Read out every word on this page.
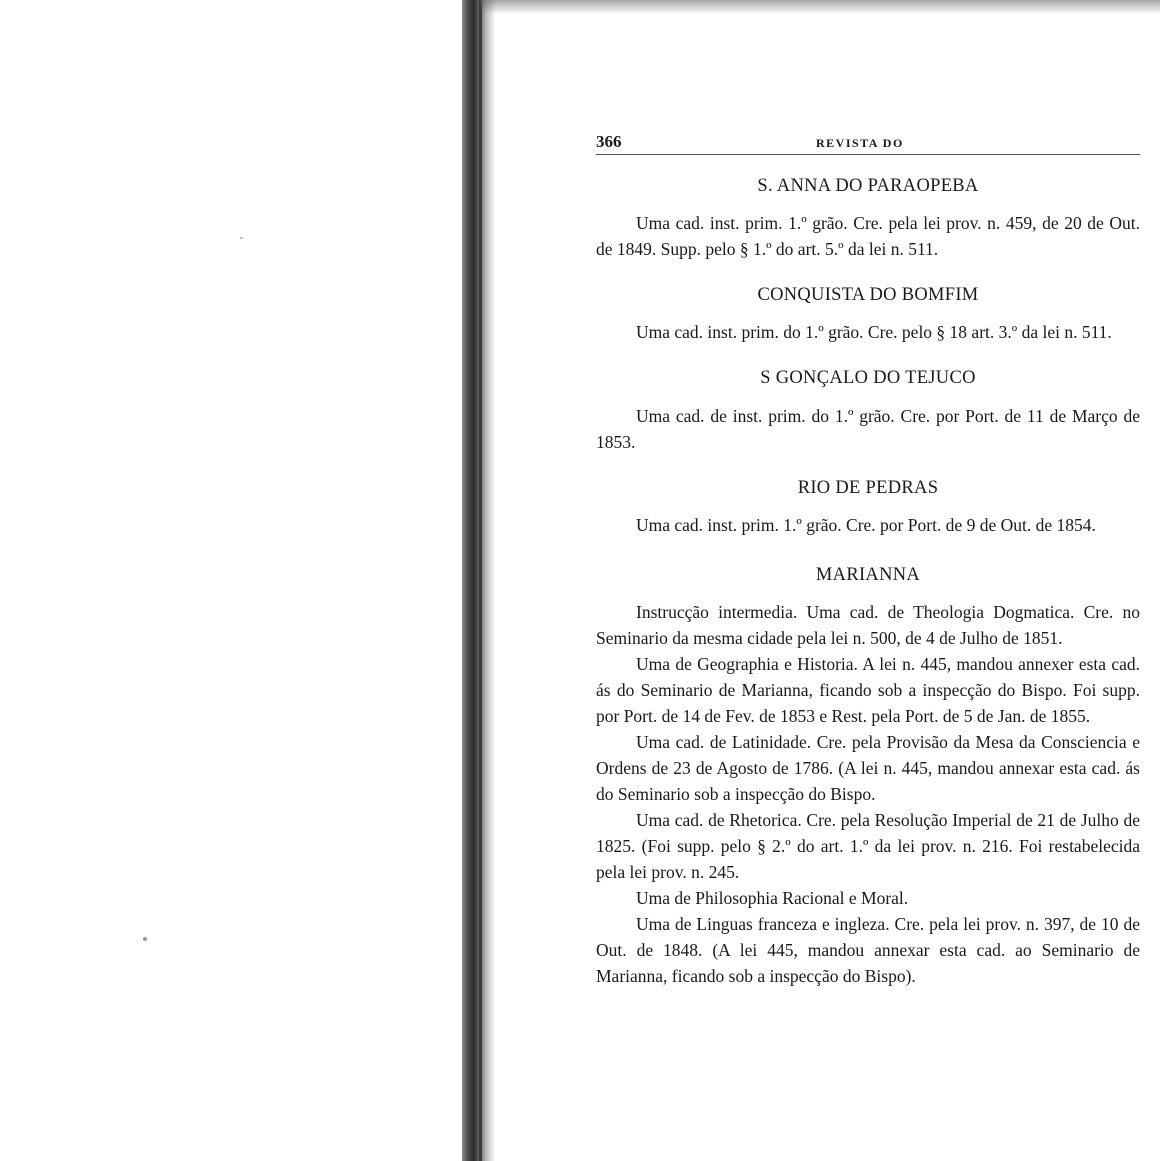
366	REVISTA DO
S. ANNA DO PARAOPEBA

Uma cad. inst. prim. 1.º grão. Cre. pela lei prov. n. 459, de 20 de Out. de 1849. Supp. pelo § 1.º do art. 5.º da lei n. 511.

CONQUISTA DO BOMFIM

Uma cad. inst. prim. do 1.º grão. Cre. pelo § 18 art. 3.º da lei n. 511.

S GONÇALO DO TEJUCO

Uma cad. de inst. prim. do 1.º grão. Cre. por Port. de 11 de Março de 1853.

RIO DE PEDRAS

Uma cad. inst. prim. 1.º grão. Cre. por Port. de 9 de Out. de 1854.

MARIANNA

Instrucção intermedia. Uma cad. de Theologia Dogmatica. Cre. no Seminario da mesma cidade pela lei n. 500, de 4 de Julho de 1851.

Uma de Geographia e Historia. A lei n. 445, mandou annexer esta cad. ás do Seminario de Marianna, ficando sob a inspecção do Bispo. Foi supp. por Port. de 14 de Fev. de 1853 e Rest. pela Port. de 5 de Jan. de 1855.

Uma cad. de Latinidade. Cre. pela Provisão da Mesa da Consciencia e Ordens de 23 de Agosto de 1786. (A lei n. 445, mandou annexar esta cad. ás do Seminario sob a inspecção do Bispo.

Uma cad. de Rhetorica. Cre. pela Resolução Imperial de 21 de Julho de 1825. (Foi supp. pelo § 2.º do art. 1.º da lei prov. n. 216. Foi restabelecida pela lei prov. n. 245.

Uma de Philosophia Racional e Moral.

Uma de Linguas franceza e ingleza. Cre. pela lei prov. n. 397, de 10 de Out. de 1848. (A lei 445, mandou annexar esta cad. ao Seminario de Marianna, ficando sob a inspecção do Bispo).
